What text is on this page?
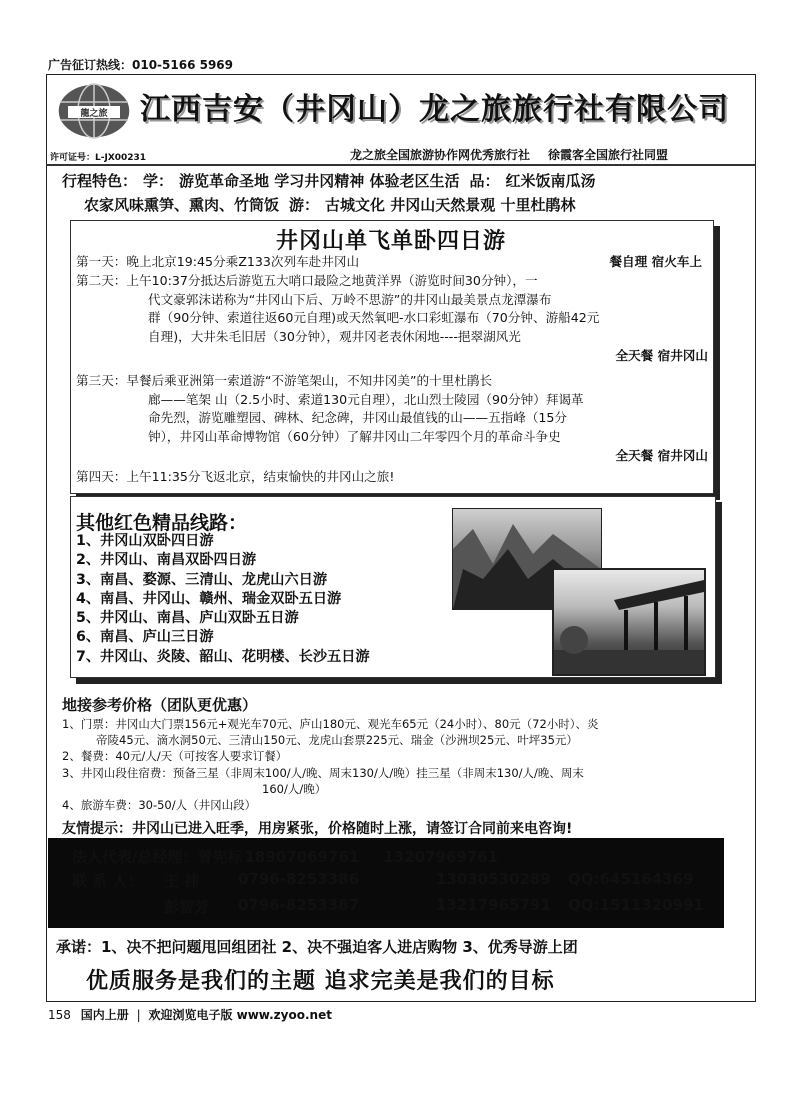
广告征订热线：010-5166 5969
龍之旅 江西吉安（井冈山）龙之旅旅行社有限公司
许可证号：L-JX00231	龙之旅全国旅游协作网优秀旅行社 徐霞客全国旅行社同盟
行程特色： 学： 游览革命圣地 学习井冈精神 体验老区生活 品： 红米饭南瓜汤
农家风味熏笋、熏肉、竹筒饭 游： 古城文化 井冈山天然景观 十里杜鹃林
井冈山单飞单卧四日游
第一天：晚上北京19:45分乘Z133次列车赴井冈山	餐自理 宿火车上
第二天：上午10:37分抵达后游览五大哨口最险之地黄洋界（游览时间30分钟），一
代文豪郭沫诺称为“井冈山下后、万岭不思游”的井冈山最美景点龙潭瀑布
群（90分钟、索道往返60元自理)或天然氧吧-水口彩虹瀑布（70分钟、游船42元
自理)，大井朱毛旧居（30分钟），观井冈老表休闲地----挹翠湖风光
全天餐 宿井冈山
第三天：早餐后乘亚洲第一索道游“不游笔架山，不知井冈美”的十里杜鹃长
廊——笔架 山（2.5小时、索道130元自理），北山烈士陵园（90分钟）拜谒革
命先烈，游览雕塑园、碑林、纪念碑，井冈山最值钱的山——五指峰（15分
钟），井冈山革命博物馆（60分钟）了解井冈山二年零四个月的革命斗争史
全天餐 宿井冈山
第四天：上午11:35分飞返北京，结束愉快的井冈山之旅!
其他红色精品线路：
1、井冈山双卧四日游
2、井冈山、南昌双卧四日游
3、南昌、婺源、三清山、龙虎山六日游
4、南昌、井冈山、赣州、瑞金双卧五日游
5、井冈山、南昌、庐山双卧五日游
6、南昌、庐山三日游
7、井冈山、炎陵、韶山、花明楼、长沙五日游
地接参考价格（团队更优惠）
1、门票：井冈山大门票156元+观光车70元、庐山180元、观光车65元（24小时）、80元（72小时）、炎
帝陵45元、滴水洞50元、三清山150元、龙虎山套票225元、瑞金（沙洲坝25元、叶坪35元）
2、餐费：40元/人/天（可按客人要求订餐）
3、井冈山段住宿费：预备三星（非周末100/人/晚、周末130/人/晚）挂三星（非周末130/人/晚、周末
160/人/晚）
4、旅游车费：30-50/人（井冈山段）
友情提示：井冈山已进入旺季，用房紧张，价格随时上涨，请签订合同前来电咨询!
法人代表/总经理：曾宪标 18907069761 13207969761
联 系 人： 王 祎	0796-8253386	13030530289 QQ:645164369
彭智芳 0796-8253387	13217965791 QQ:1511320991
承诺：1、决不把问题甩回组团社 2、决不强迫客人进店购物 3、优秀导游上团
优质服务是我们的主题 追求完美是我们的目标
158 国内上册 | 欢迎浏览电子版 www.zyoo.net
